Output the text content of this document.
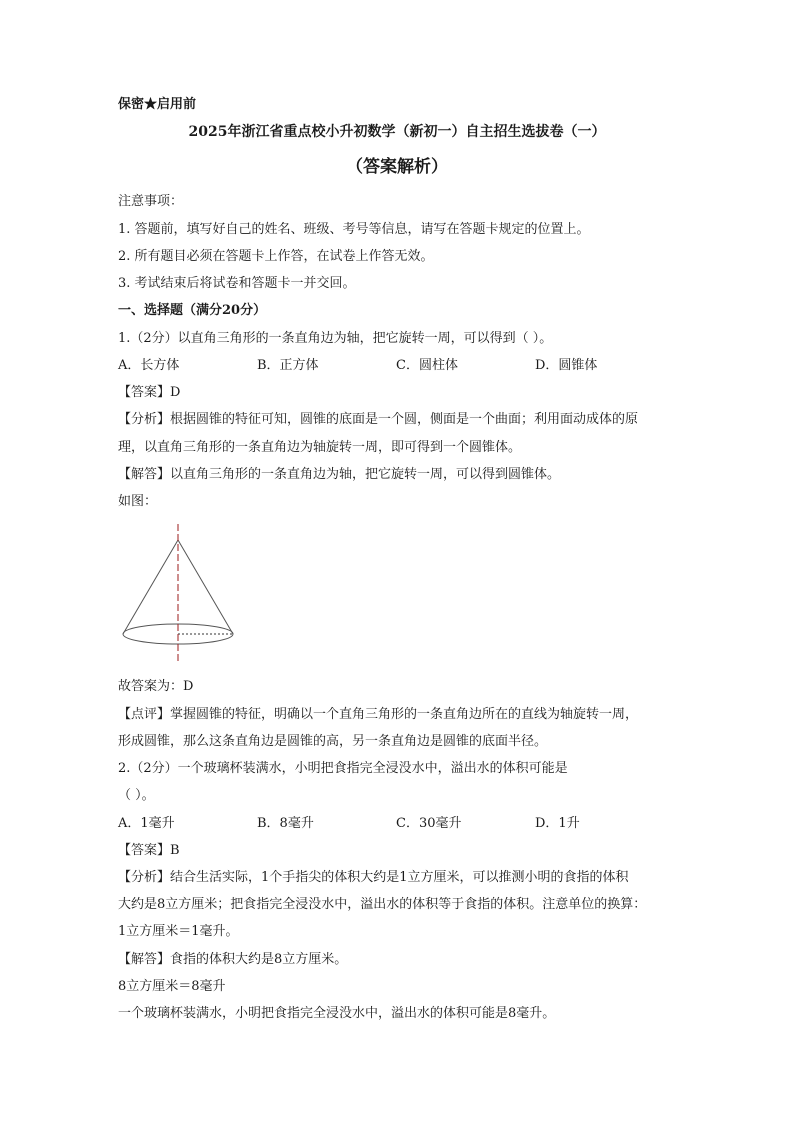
保密★启用前
2025年浙江省重点校小升初数学（新初一）自主招生选拔卷（一）
（答案解析）
注意事项：
1. 答题前，填写好自己的姓名、班级、考号等信息，请写在答题卡规定的位置上。
2. 所有题目必须在答题卡上作答，在试卷上作答无效。
3. 考试结束后将试卷和答题卡一并交回。
一、选择题（满分20分）
1.（2分）以直角三角形的一条直角边为轴，把它旋转一周，可以得到（ ）。
A．长方体	B．正方体	C．圆柱体	D．圆锥体
【答案】D
【分析】根据圆锥的特征可知，圆锥的底面是一个圆，侧面是一个曲面；利用面动成体的原
理，以直角三角形的一条直角边为轴旋转一周，即可得到一个圆锥体。
【解答】以直角三角形的一条直角边为轴，把它旋转一周，可以得到圆锥体。
如图：
故答案为：D
【点评】掌握圆锥的特征，明确以一个直角三角形的一条直角边所在的直线为轴旋转一周，
形成圆锥，那么这条直角边是圆锥的高，另一条直角边是圆锥的底面半径。
2.（2分）一个玻璃杯装满水，小明把食指完全浸没水中，溢出水的体积可能是
（ ）。
A．1毫升	B．8毫升	C．30毫升	D．1升
【答案】B
【分析】结合生活实际，1个手指尖的体积大约是1立方厘米，可以推测小明的食指的体积
大约是8立方厘米；把食指完全浸没水中，溢出水的体积等于食指的体积。注意单位的换算：
1立方厘米＝1毫升。
【解答】食指的体积大约是8立方厘米。
8立方厘米＝8毫升
一个玻璃杯装满水，小明把食指完全浸没水中，溢出水的体积可能是8毫升。
